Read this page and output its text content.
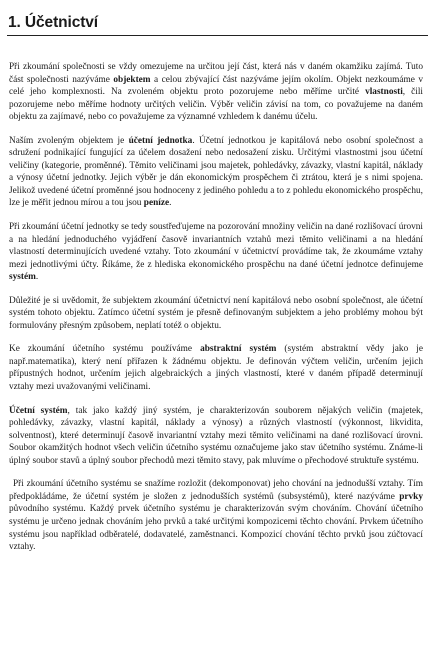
1. Účetnictví

Při zkoumání společnosti se vždy omezujeme na určitou její část, která nás v daném okamžiku zajímá. Tuto část společnosti nazýváme objektem a celou zbývající část nazýváme jejím okolím. Objekt nezkoumáme v celé jeho komplexnosti. Na zvoleném objektu proto pozorujeme nebo měříme určité vlastnosti, čili pozorujeme nebo měříme hodnoty určitých veličin. Výběr veličin závisí na tom, co považujeme na daném objektu za zajímavé, nebo co považujeme za významné vzhledem k danému účelu.

Naším zvoleným objektem je účetní jednotka. Účetní jednotkou je kapitálová nebo osobní společnost a sdružení podnikající fungující za účelem dosažení nebo nedosažení zisku. Určitými vlastnostmi jsou účetní veličiny (kategorie, proměnné). Těmito veličinami jsou majetek, pohledávky, závazky, vlastní kapitál, náklady a výnosy účetní jednotky. Jejich výběr je dán ekonomickým prospěchem či ztrátou, která je s nimi spojena. Jelikož uvedené účetní proměnné jsou hodnoceny z jediného pohledu a to z pohledu ekonomického prospěchu, lze je měřit jednou mírou a tou jsou peníze.

Při zkoumání účetní jednotky se tedy soustřeďujeme na pozorování množiny veličin na dané rozlišovací úrovni a na hledání jednoduchého vyjádření časově invariantních vztahů mezi těmito veličinami a na hledání vlastností determinujících uvedené vztahy. Toto zkoumání v účetnictví provádíme tak, že zkoumáme vztahy mezi jednotlivými účty. Říkáme, že z hlediska ekonomického prospěchu na dané účetní jednotce definujeme systém.

Důležité je si uvědomit, že subjektem zkoumání účetnictví není kapitálová nebo osobní společnost, ale účetní systém tohoto objektu. Zatímco účetní systém je přesně definovaným subjektem a jeho problémy mohou být formulovány přesným způsobem, neplatí totéž o objektu.

Ke zkoumání účetního systému používáme abstraktní systém (systém abstraktní vědy jako je např.matematika), který není přiřazen k žádnému objektu. Je definován výčtem veličin, určením jejich přípustných hodnot, určením jejich algebraických a jiných vlastností, které v daném případě determinují vztahy mezi uvažovanými veličinami.

Účetní systém, tak jako každý jiný systém, je charakterizován souborem nějakých veličin (majetek, pohledávky, závazky, vlastní kapitál, náklady a výnosy) a různých vlastností (výkonnost, likvidita, solventnost), které determinují časově invariantní vztahy mezi těmito veličinami na dané rozlišovací úrovni. Soubor okamžitých hodnot všech veličin účetního systému označujeme jako stav účetního systému. Známe-li úplný soubor stavů a úplný soubor přechodů mezi těmito stavy, pak mluvíme o přechodové struktuře systému.

Při zkoumání účetního systému se snažíme rozložit (dekomponovat) jeho chování na jednodušší vztahy. Tím předpokládáme, že účetní systém je složen z jednodušších systémů (subsystémů), které nazýváme prvky původního systému. Každý prvek účetního systému je charakterizován svým chováním. Chování účetního systému je určeno jednak chováním jeho prvků a také určitými kompozicemi těchto chování. Prvkem účetního systému jsou například odběratelé, dodavatelé, zaměstnanci. Kompozicí chování těchto prvků jsou zúčtovací vztahy.
